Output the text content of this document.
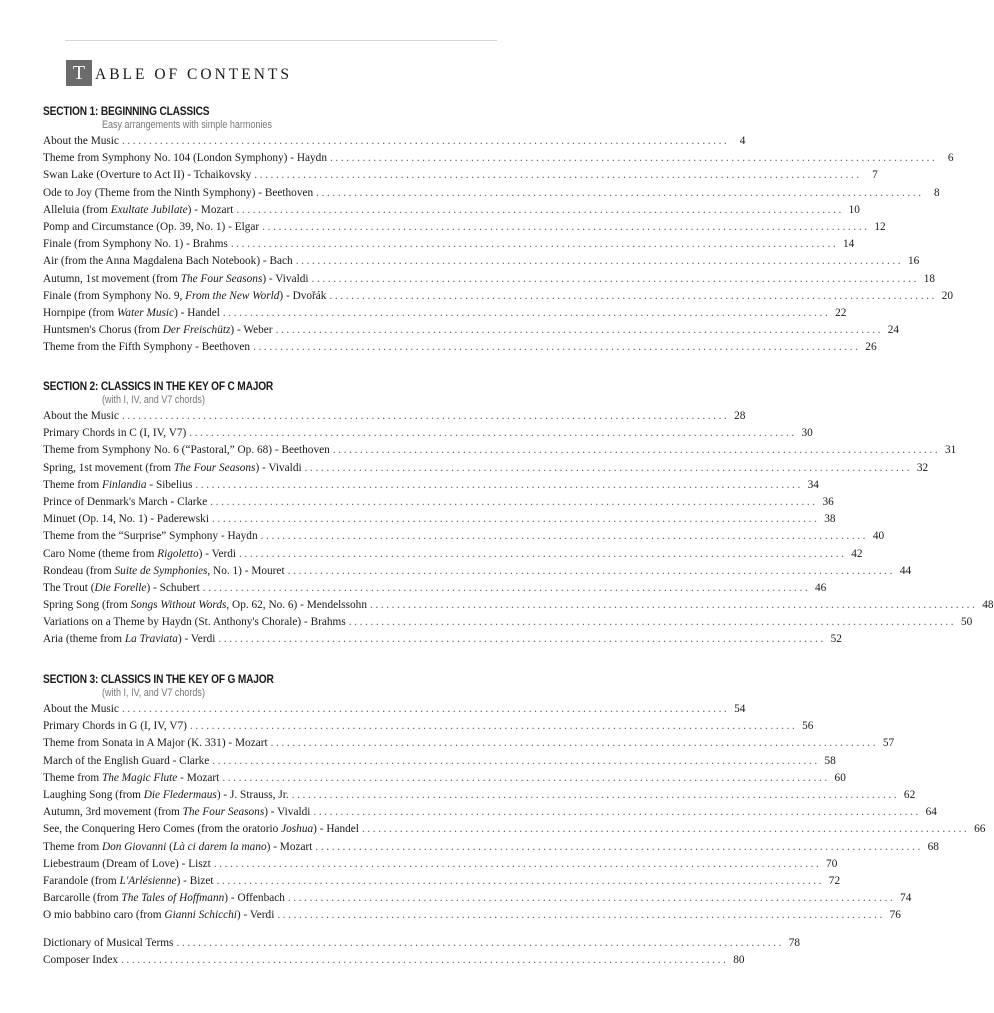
T ABLE OF CONTENTS
SECTION 1: BEGINNING CLASSICS
Easy arrangements with simple harmonies
About the Music .....	4
Theme from Symphony No. 104 (London Symphony) - Haydn .....	6
Swan Lake (Overture to Act II) - Tchaikovsky .....	7
Ode to Joy (Theme from the Ninth Symphony) - Beethoven .....	8
Alleluia (from Exultate Jubilate) - Mozart .....	10
Pomp and Circumstance (Op. 39, No. 1) - Elgar .....	12
Finale (from Symphony No. 1) - Brahms .....	14
Air (from the Anna Magdalena Bach Notebook) - Bach .....	16
Autumn, 1st movement (from The Four Seasons) - Vivaldi .....	18
Finale (from Symphony No. 9, From the New World) - Dvořák .....	20
Hornpipe (from Water Music) - Handel .....	22
Huntsmen's Chorus (from Der Freischütz) - Weber .....	24
Theme from the Fifth Symphony - Beethoven .....	26
SECTION 2: CLASSICS IN THE KEY OF C MAJOR
(with I, IV, and V7 chords)
About the Music .....	28
Primary Chords in C (I, IV, V7) .....	30
Theme from Symphony No. 6 (“Pastoral,” Op. 68) - Beethoven .....	31
Spring, 1st movement (from The Four Seasons) - Vivaldi .....	32
Theme from Finlandia - Sibelius .....	34
Prince of Denmark's March - Clarke .....	36
Minuet (Op. 14, No. 1) - Paderewski .....	38
Theme from the “Surprise” Symphony - Haydn .....	40
Caro Nome (theme from Rigoletto) - Verdi .....	42
Rondeau (from Suite de Symphonies, No. 1) - Mouret .....	44
The Trout (Die Forelle) - Schubert .....	46
Spring Song (from Songs Without Words, Op. 62, No. 6) - Mendelssohn .....	48
Variations on a Theme by Haydn (St. Anthony's Chorale) - Brahms .....	50
Aria (theme from La Traviata) - Verdi .....	52
SECTION 3: CLASSICS IN THE KEY OF G MAJOR
(with I, IV, and V7 chords)
About the Music .....	54
Primary Chords in G (I, IV, V7) .....	56
Theme from Sonata in A Major (K. 331) - Mozart .....	57
March of the English Guard - Clarke .....	58
Theme from The Magic Flute - Mozart .....	60
Laughing Song (from Die Fledermaus) - J. Strauss, Jr. .....	62
Autumn, 3rd movement (from The Four Seasons) - Vivaldi .....	64
See, the Conquering Hero Comes (from the oratorio Joshua) - Handel .....	66
Theme from Don Giovanni (Là ci darem la mano) - Mozart .....	68
Liebestraum (Dream of Love) - Liszt .....	70
Farandole (from L'Arlésienne) - Bizet .....	72
Barcarolle (from The Tales of Hoffmann) - Offenbach .....	74
O mio babbino caro (from Gianni Schicchi) - Verdi .....	76
Dictionary of Musical Terms .....	78
Composer Index .....	80
